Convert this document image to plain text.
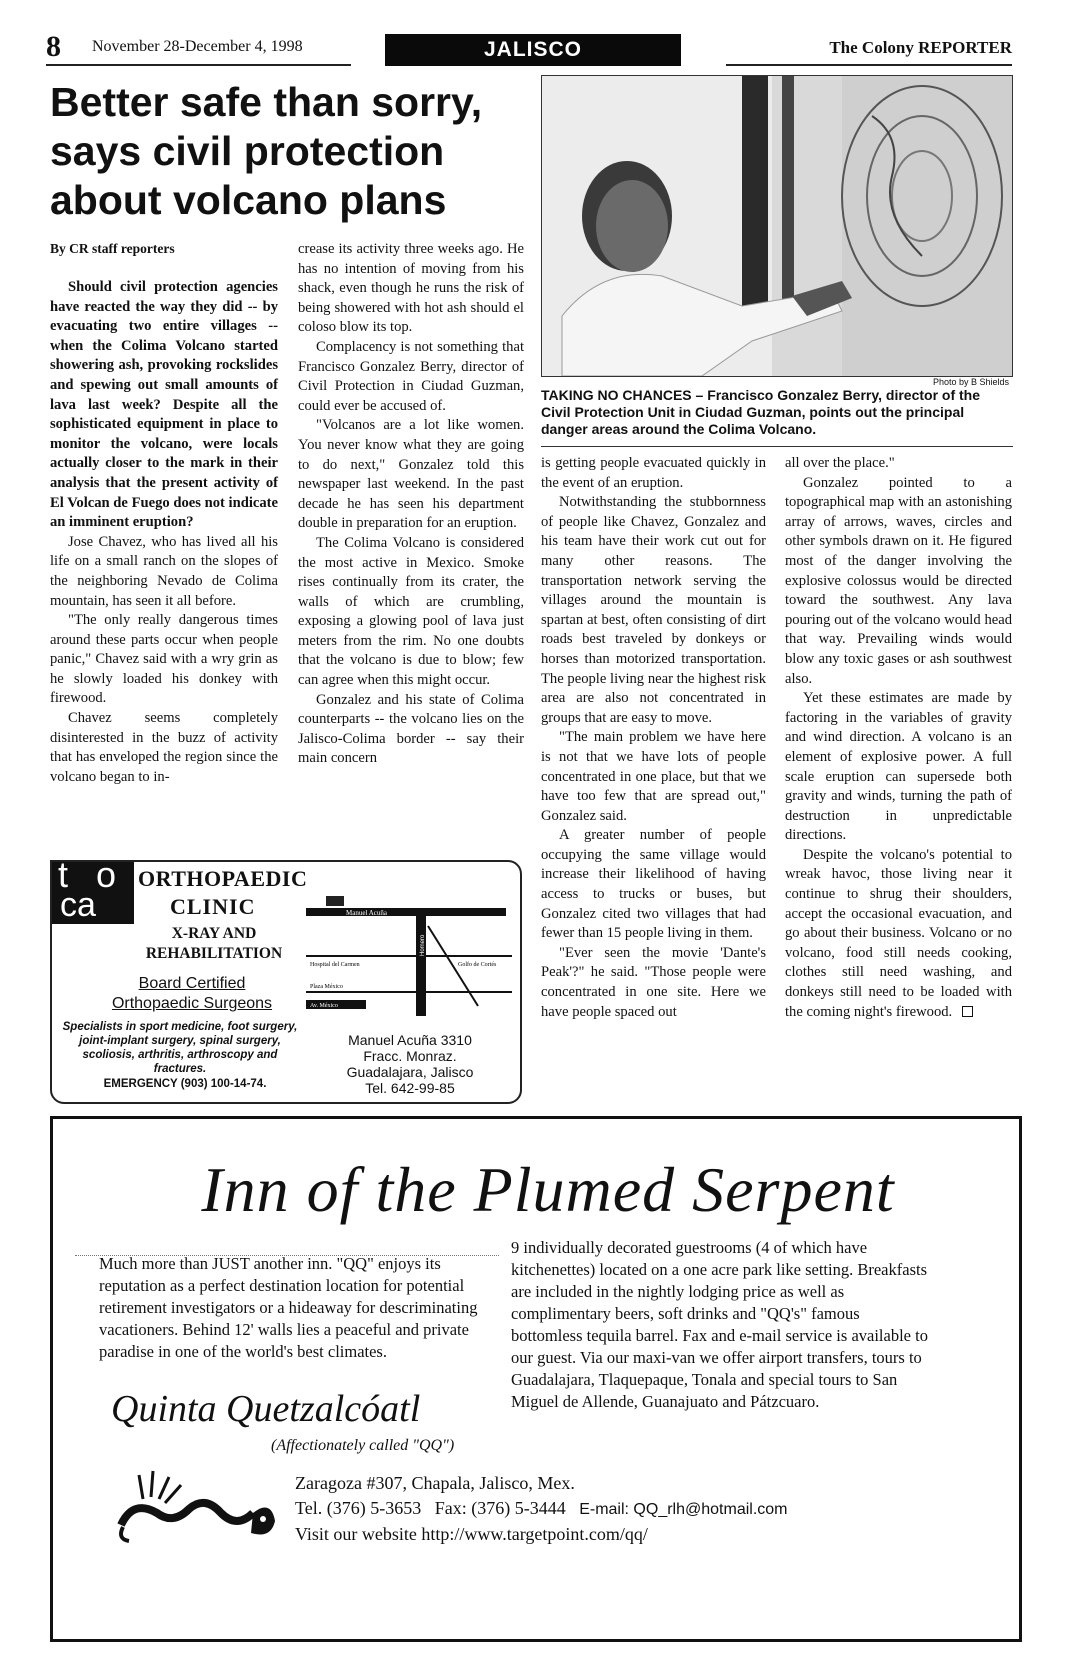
8 November 28-December 4, 1998	JALISCO	The Colony REPORTER
Better safe than sorry, says civil protection about volcano plans
By CR staff reporters

Should civil protection agencies have reacted the way they did -- by evacuating two entire villages -- when the Colima Volcano started showering ash, provoking rockslides and spewing out small amounts of lava last week? Despite all the sophisticated equipment in place to monitor the volcano, were locals actually closer to the mark in their analysis that the present activity of El Volcan de Fuego does not indicate an imminent eruption?

Jose Chavez, who has lived all his life on a small ranch on the slopes of the neighboring Nevado de Colima mountain, has seen it all before.

"The only really dangerous times around these parts occur when people panic," Chavez said with a wry grin as he slowly loaded his donkey with firewood.

Chavez seems completely disinterested in the buzz of activity that has enveloped the region since the volcano began to in-

crease its activity three weeks ago. He has no intention of moving from his shack, even though he runs the risk of being showered with hot ash should el coloso blow its top.

Complacency is not something that Francisco Gonzalez Berry, director of Civil Protection in Ciudad Guzman, could ever be accused of.

"Volcanos are a lot like women. You never know what they are going to do next," Gonzalez told this newspaper last weekend. In the past decade he has seen his department double in preparation for an eruption.

The Colima Volcano is considered the most active in Mexico. Smoke rises continually from its crater, the walls of which are crumbling, exposing a glowing pool of lava just meters from the rim. No one doubts that the volcano is due to blow; few can agree when this might occur.

Gonzalez and his state of Colima counterparts -- the volcano lies on the Jalisco-Colima border -- say their main concern

is getting people evacuated quickly in the event of an eruption.

Notwithstanding the stubbornness of people like Chavez, Gonzalez and his team have their work cut out for many other reasons. The transportation network serving the villages around the mountain is spartan at best, often consisting of dirt roads best traveled by donkeys or horses than motorized transportation. The people living near the highest risk area are also not concentrated in groups that are easy to move.

"The main problem we have here is not that we have lots of people concentrated in one place, but that we have too few that are spread out," Gonzalez said.

A greater number of people occupying the same village would increase their likelihood of having access to trucks or buses, but Gonzalez cited two villages that had fewer than 15 people living in them.

"Ever seen the movie 'Dante's Peak'?" he said. "Those people were concentrated in one site. Here we have people spaced out

all over the place."

Gonzalez pointed to a topographical map with an astonishing array of arrows, waves, circles and other symbols drawn on it. He figured most of the danger involving the explosive colossus would be directed toward the southwest. Any lava pouring out of the volcano would head that way. Prevailing winds would blow any toxic gases or ash southwest also.

Yet these estimates are made by factoring in the variables of gravity and wind direction. A volcano is an element of explosive power. A full scale eruption can supersede both gravity and winds, turning the path of destruction in unpredictable directions.

Despite the volcano's potential to wreak havoc, those living near it continue to shrug their shoulders, accept the occasional evacuation, and go about their business. Volcano or no volcano, food still needs cooking, clothes still need washing, and donkeys still need to be loaded with the coming night's firewood.

Photo by B Shields
TAKING NO CHANCES – Francisco Gonzalez Berry, director of the Civil Protection Unit in Ciudad Guzman, points out the principal danger areas around the Colima Volcano.
t o
ca
ORTHOPAEDIC
CLINIC
X-RAY AND REHABILITATION
Board Certified
Orthopaedic Surgeons
Specialists in sport medicine, foot surgery, joint-implant surgery, spinal surgery, scoliosis, arthritis, arthroscopy and fractures.
EMERGENCY (903) 100-14-74.
Manuel Acuña
Hospital del Carmen
Plaza México
Av. México
Homero
Golfo de Cortés
Manuel Acuña 3310
Fracc. Monraz.
Guadalajara, Jalisco
Tel. 642-99-85
Inn of the Plumed Serpent
Much more than JUST another inn. "QQ" enjoys its reputation as a perfect destination location for potential retirement investigators or a hideaway for descriminating vacationers. Behind 12' walls lies a peaceful and private paradise in one of the world's best climates.
9 individually decorated guestrooms (4 of which have kitchenettes) located on a one acre park like setting. Breakfasts are included in the nightly lodging price as well as complimentary beers, soft drinks and "QQ's" famous bottomless tequila barrel. Fax and e-mail service is available to our guest. Via our maxi-van we offer airport transfers, tours to Guadalajara, Tlaquepaque, Tonala and special tours to San Miguel de Allende, Guanajuato and Pátzcuaro.
Quinta Quetzalcóatl
(Affectionately called "QQ")
Zaragoza #307, Chapala, Jalisco, Mex.
Tel. (376) 5-3653 Fax: (376) 5-3444 E-mail: QQ_rlh@hotmail.com
Visit our website http://www.targetpoint.com/qq/
